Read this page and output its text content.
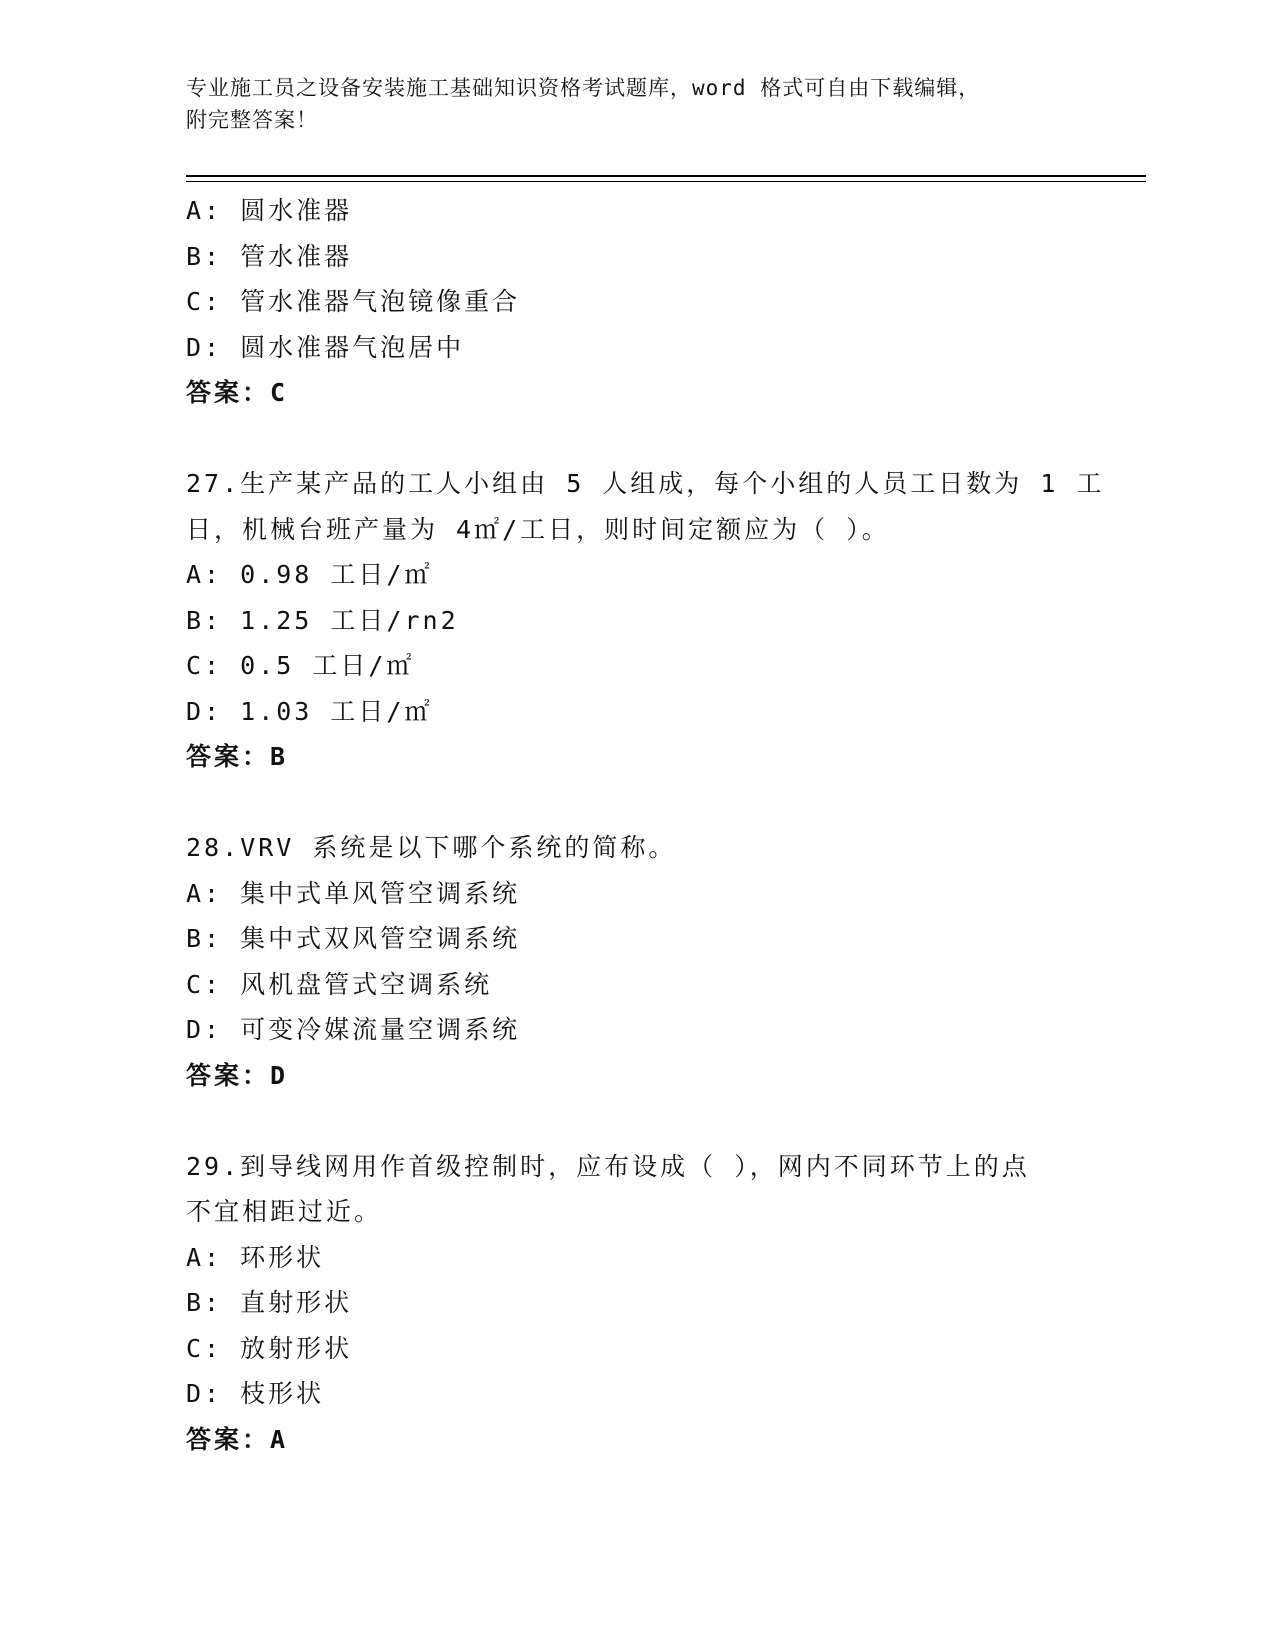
专业施工员之设备安装施工基础知识资格考试题库，word 格式可自由下载编辑，
附完整答案！
A: 圆水准器
B: 管水准器
C: 管水准器气泡镜像重合
D: 圆水准器气泡居中
答案：C
27.生产某产品的工人小组由 5 人组成，每个小组的人员工日数为 1 工
日，机械台班产量为 4㎡/工日，则时间定额应为（ ）。
A: 0.98 工日/㎡
B: 1.25 工日/rn2
C: 0.5 工日/㎡
D: 1.03 工日/㎡
答案：B
28.VRV 系统是以下哪个系统的简称。
A: 集中式单风管空调系统
B: 集中式双风管空调系统
C: 风机盘管式空调系统
D: 可变冷媒流量空调系统
答案：D
29.到导线网用作首级控制时，应布设成（ ），网内不同环节上的点
不宜相距过近。
A: 环形状
B: 直射形状
C: 放射形状
D: 枝形状
答案：A
